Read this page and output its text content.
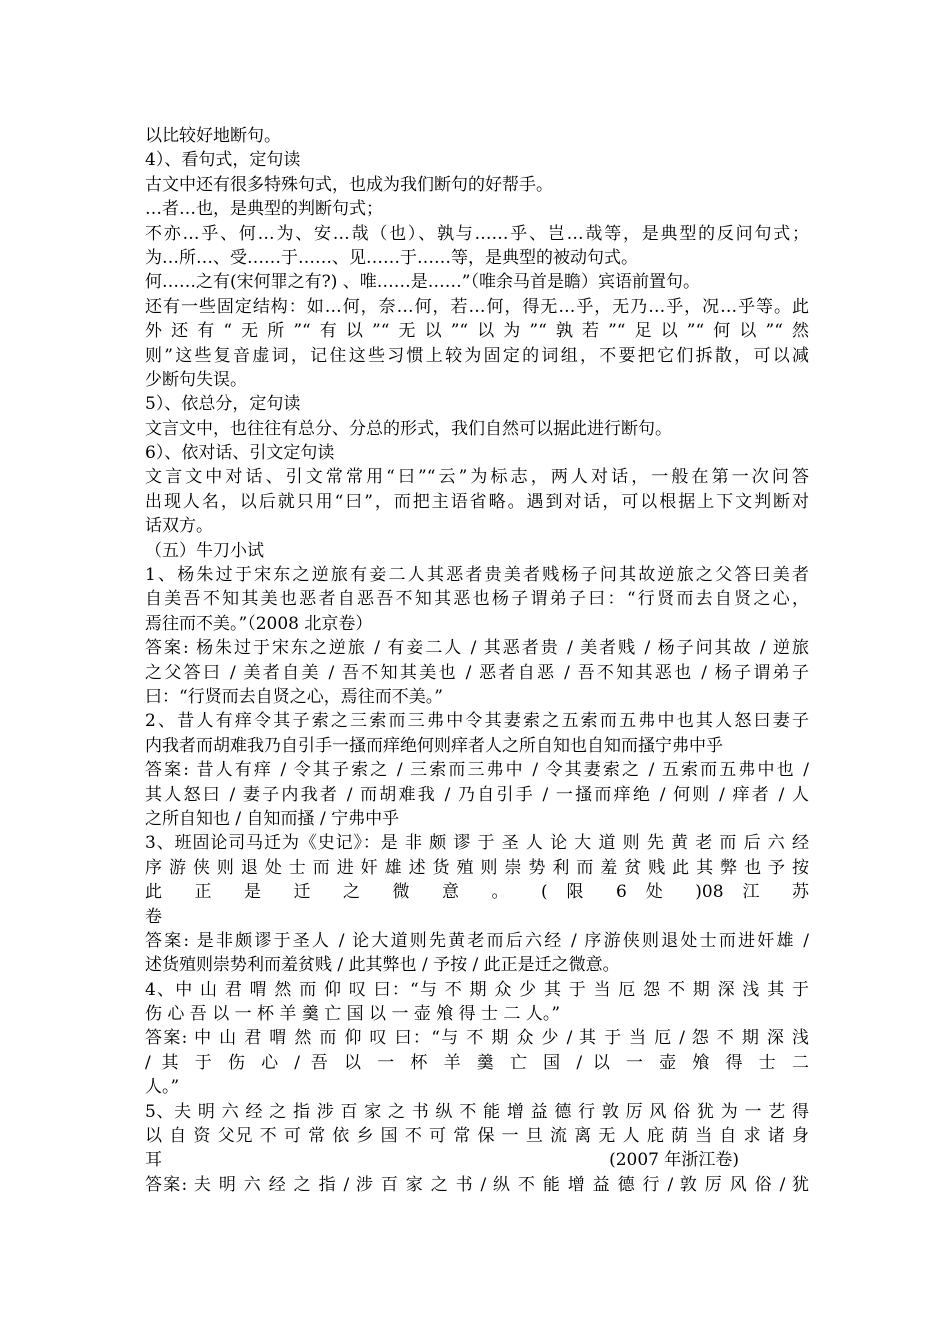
以比较好地断句。
4）、看句式，定句读
古文中还有很多特殊句式，也成为我们断句的好帮手。
…者…也，是典型的判断句式；
不亦…乎、何…为、安…哉（也）、孰与……乎、岂…哉等，是典型的反问句式；
为…所…、受……于……、见……于……等，是典型的被动句式。
何……之有(宋何罪之有?) 、唯……是……”（唯余马首是瞻）宾语前置句。
还有一些固定结构：如…何，奈…何，若…何，得无…乎，无乃…乎，况…乎等。此
外还有“无所”“有以”“无以”“以为”“孰若”“足以”“何以”“然
则”这些复音虚词，记住这些习惯上较为固定的词组，不要把它们拆散，可以减
少断句失误。
5）、依总分，定句读
文言文中，也往往有总分、分总的形式，我们自然可以据此进行断句。
6）、依对话、引文定句读
文言文中对话、引文常常用“曰”“云”为标志，两人对话，一般在第一次问答
出现人名，以后就只用“曰”，而把主语省略。遇到对话，可以根据上下文判断对
话双方。
（五）牛刀小试
1、杨朱过于宋东之逆旅有妾二人其恶者贵美者贱杨子问其故逆旅之父答曰美者
自美吾不知其美也恶者自恶吾不知其恶也杨子谓弟子曰：“行贤而去自贤之心，
焉往而不美。”（2008 北京卷）
答案: 杨朱过于宋东之逆旅 / 有妾二人 / 其恶者贵 / 美者贱 / 杨子问其故 / 逆旅
之父答曰 / 美者自美 / 吾不知其美也 / 恶者自恶 / 吾不知其恶也 / 杨子谓弟子
曰：“行贤而去自贤之心，焉往而不美。”
2、昔人有痒令其子索之三索而三弗中令其妻索之五索而五弗中也其人怒曰妻子
内我者而胡难我乃自引手一搔而痒绝何则痒者人之所自知也自知而搔宁弗中乎
答案: 昔人有痒 / 令其子索之 / 三索而三弗中 / 令其妻索之 / 五索而五弗中也 /
其人怒曰 / 妻子内我者 / 而胡难我 / 乃自引手 / 一搔而痒绝 / 何则 / 痒者 / 人
之所自知也 / 自知而搔 / 宁弗中乎
3、班固论司马迁为《史记》：是 非 颇 谬 于 圣 人 论 大 道 则 先 黄 老 而 后 六 经
序 游 侠 则 退 处 士 而 进 奸 雄 述 货 殖 则 崇 势 利 而 羞 贫 贱 此 其 弊 也 予 按
此 正 是 迁 之 微 意 。 ( 限 6 处 )08 江 苏
卷
答案: 是非颇谬于圣人 / 论大道则先黄老而后六经 / 序游侠则退处士而进奸雄 /
述货殖则崇势利而羞贫贱 / 此其弊也 / 予按 / 此正是迁之微意。
4、中 山 君 喟 然 而 仰 叹 曰：“与 不 期 众 少 其 于 当 厄 怨 不 期 深 浅 其 于
伤 心 吾 以 一 杯 羊 羹 亡 国 以 一 壶 飧 得 士 二 人。”
答案: 中 山 君 喟 然 而 仰 叹 曰：“与 不 期 众 少 / 其 于 当 厄 / 怨 不 期 深 浅
/ 其 于 伤 心 / 吾 以 一 杯 羊 羹 亡 国 / 以 一 壶 飧 得 士 二
人。”
5、夫 明 六 经 之 指 涉 百 家 之 书 纵 不 能 增 益 德 行 敦 厉 风 俗 犹 为 一 艺 得
以 自 资 父兄 不 可 常 依 乡 国 不 可 常 保 一 旦 流 离 无 人 庇 荫 当 自 求 诸 身
耳	(2007 年浙江卷)
答案: 夫 明 六 经 之 指 / 涉 百 家 之 书 / 纵 不 能 增 益 德 行 / 敦 厉 风 俗 / 犹
